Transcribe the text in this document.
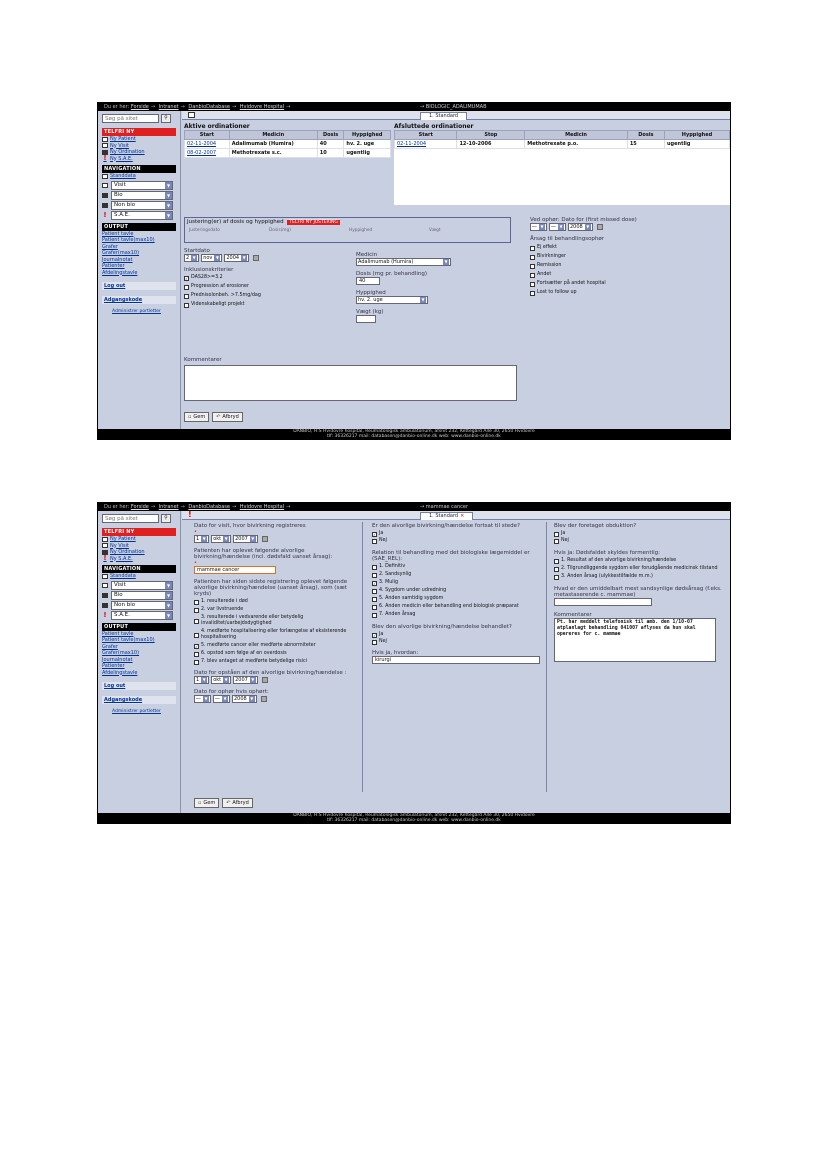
Du er her: Forside → Intranet → DanbioDatabase → Hvidovre Hospital →	→ BIOLOGIC_ADALIMUMAB
Søg på sitet
⚲
TELFRI NY
Ny Patient
Ny Visit
Ny Ordination
! Ny S.A.E.
NAVIGATION
Standdata
Visit	▼
Bio	▼
Non bio	▼
!	S.A.E.	▼
OUTPUT
Patient tavle
Patient tavle(max10)
Grafer
Grafer(max10)
Journalnotat
Patienter
Afdelingstavle
Log out
Adgangskode
Administrer portletter
1. Standard
Aktive ordinationer
Start	Medicin	Dosis	Hyppighed
02-11-2004	Adalimumab (Humira)	40	hv. 2. uge
08-02-2007	Methotrexate s.c.	10	ugentlig
Afsluttede ordinationer
Start	Stop	Medicin	Dosis	Hyppighed
02-11-2004	12-10-2006	Methotrexate p.o.	15	ugentlig
Justering(er) af dosis og hyppighed TELFRI NY JUSTERING
Justeringsdato	Dosis(mg)	Hyppighed	Vægt
Startdato
2 ▼ nov ▼ 2004 ▼
Inklusionskriterier
✓ DAS28>=3.2
Progression af erosioner
Prednisolonbeh. >7.5mg/dag
Videnskabeligt projekt
Medicin
Adalimumab (Humira)	▼
Dosis (mg pr. behandling)
40
Hyppighed
hv. 2. uge	▼
Vægt (kg)
Ved ophør: Dato for (first missed dose)
— ▼ — ▼ 2008 ▼
Årsag til behandlingsophør
Ej effekt
Bivirkninger
Remission
Andet
Fortsætter på andet hospital
Lost to follow up
Kommentarer
▫ Gem ↶ Afbryd
DANBIO, H:S Hvidovre hospital, Reumatologisk ambulatorium, afsnit 232, Kettegård Alle 30, 2650 Hvidovre
tlf: 36326217 mail: databasen@danbio-online.dk web: www.danbio-online.dk
Du er her: Forside → Intranet → DanbioDatabase → Hvidovre Hospital →	→ mammae cancer
Søg på sitet
⚲
TELFRI NY
Ny Patient
Ny Visit
Ny Ordination
! Ny S.A.E.
NAVIGATION
Standdata
Visit	▼
Bio	▼
Non bio	▼
!	S.A.E.	▼
OUTPUT
Patient tavle
Patient tavle(max10)
Grafer
Grafer(max10)
Journalnotat
Patienter
Afdelingstavle
Log out
Adgangskode
Administrer portletter
!	1. Standard ×
Dato for visit, hvor bivirkning registreres
•
1 ▼ okt ▼ 2007 ▼
Patienten har oplevet følgende alvorlige bivirkning/hændelse (incl. dødsfald uanset årsag):
•
mammae cancer
Patienten har siden sidste registrering oplevet følgende alvorlige bivirkning/hændelse (uanset årsag), som (sæt kryds)
1. resulterede i død
2. var livstruende
3. resulterede i vedvarende eller betydelig invaliditet/uarbejdsdygtighed
4. medførte hospitalisering eller forlængelse af eksisterende hospitalisering
✓ 5. medførte cancer eller medførte abnormiteter
6. opstod som følge af en overdosis
7. blev antaget at medførte betydelige risici
Dato for opståen af den alvorlige bivirkning/hændelse :
1 ▼ okt ▼ 2007 ▼
Dato for ophør hvis ophørt:
— ▼ — ▼ 2008 ▼
Er den alvorlige bivirkning/hændelse fortsat til stede?
✓ Ja
Nej
Relation til behandling med det biologiske lægemiddel er (SAE_REL):
1. Definitiv
2. Sandsynlig
✓ 3. Mulig
4. Sygdom under udredning
5. Anden samtidig sygdom
6. Anden medicin eller behandling end biologisk præparat
7. Anden årsag
Blev den alvorlige bivirkning/hændelse behandlet?
✓ Ja
Nej
Hvis ja, hvordan:
kirurgi
Blev der foretaget obduktion?
Ja
Nej
Hvis ja: Dødsfaldet skyldes formentlig:
1. Resultat af den alvorlige bivirkning/hændelse
2. Tilgrundliggende sygdom eller forudgående medicinsk tilstand
3. Anden årsag (ulykkestilfælde m.m.)
Hvad er den umiddelbart mest sandsynlige dødsårsag (f.eks. metastaserende c. mammae)
Kommentarer
Pt. har meddelt telefonisk til amb. den 1/10-07 atplanlagt behandling 041007 aflyses da hun skal opereres for c. mammae
▫ Gem ↶ Afbryd
DANBIO, H:S Hvidovre hospital, Reumatologisk ambulatorium, afsnit 232, Kettegård Alle 30, 2650 Hvidovre
tlf: 36326217 mail: databasen@danbio-online.dk web: www.danbio-online.dk
